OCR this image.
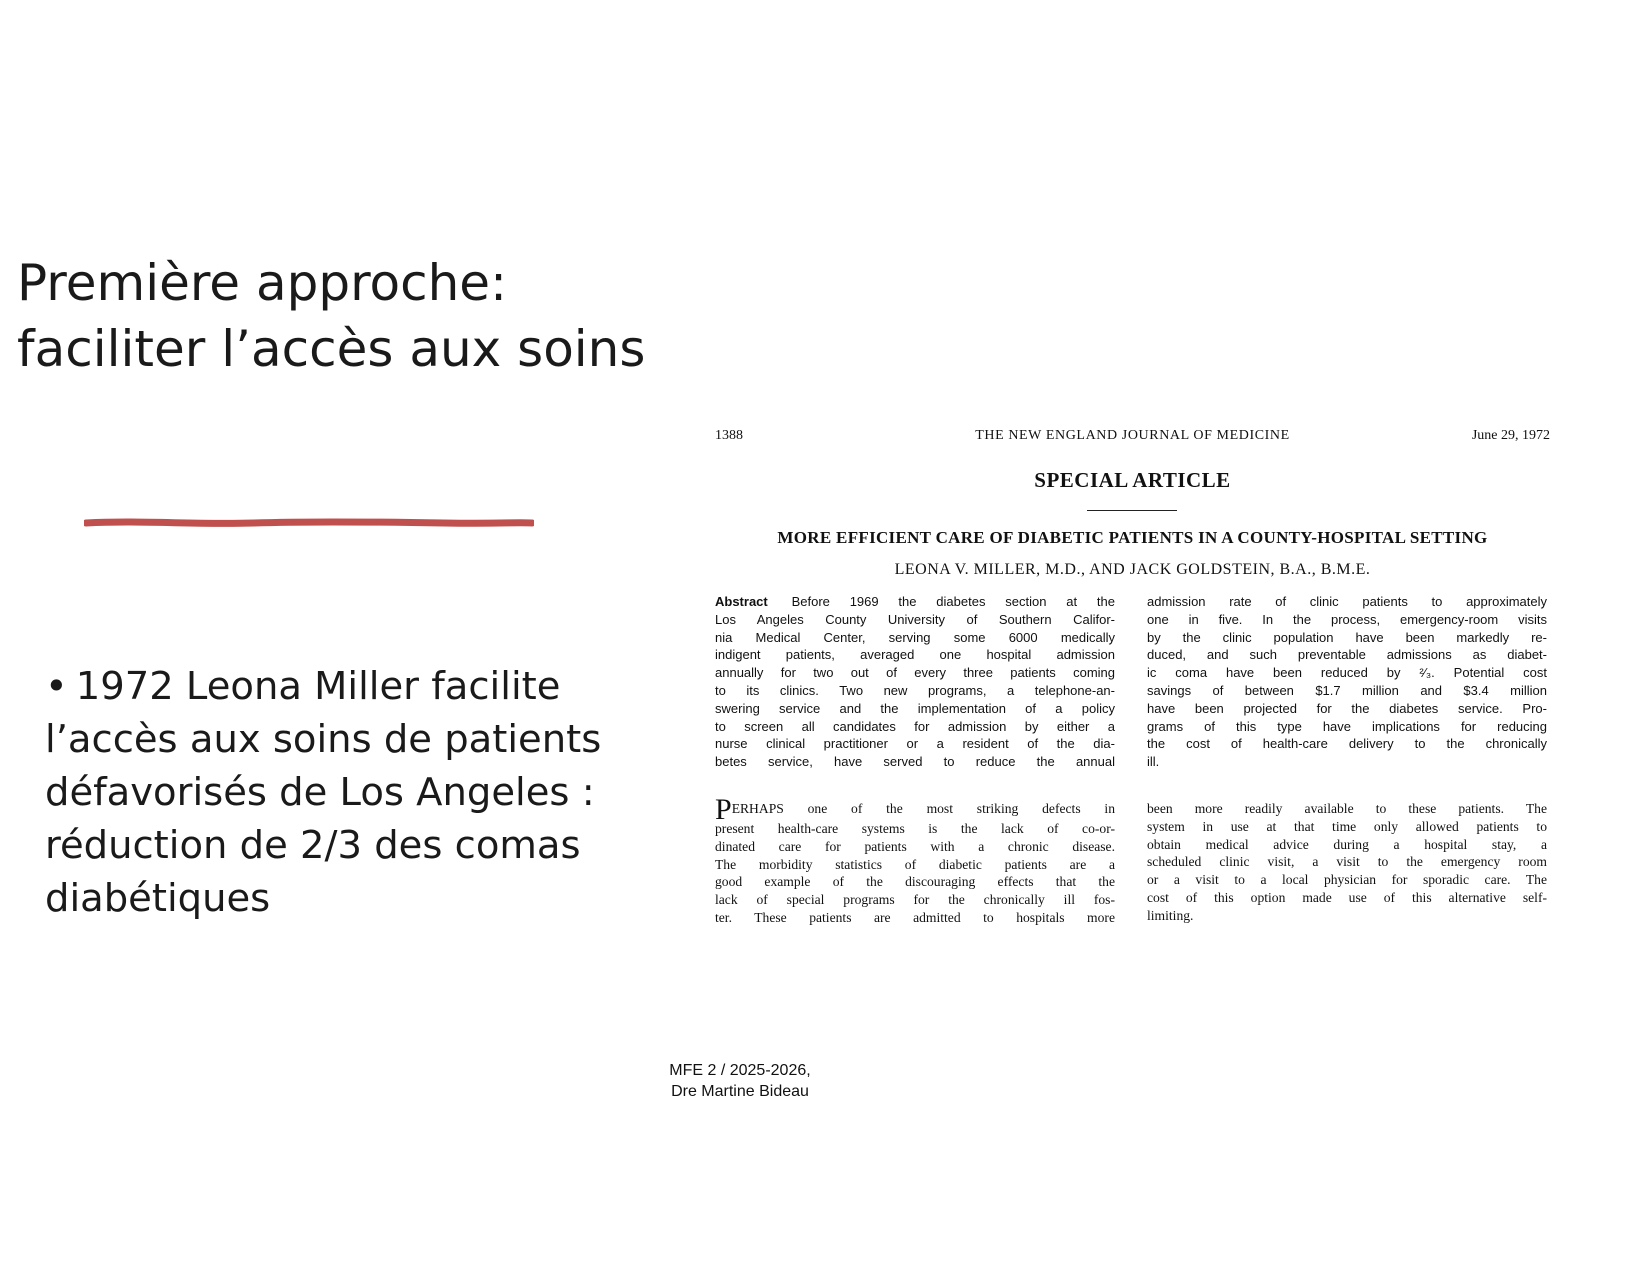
Première approche:
faciliter l’accès aux soins
• 1972 Leona Miller facilite
l’accès aux soins de patients
défavorisés de Los Angeles :
réduction de 2/3 des comas
diabétiques
THE NEW ENGLAND JOURNAL OF MEDICINE
1388	June 29, 1972
SPECIAL ARTICLE
MORE EFFICIENT CARE OF DIABETIC PATIENTS IN A COUNTY-HOSPITAL SETTING
LEONA V. MILLER, M.D., AND JACK GOLDSTEIN, B.A., B.M.E.
Abstract Before 1969 the diabetes section at the
Los Angeles County University of Southern Califor-
nia Medical Center, serving some 6000 medically
indigent patients, averaged one hospital admission
annually for two out of every three patients coming
to its clinics. Two new programs, a telephone-an-
swering service and the implementation of a policy
to screen all candidates for admission by either a
nurse clinical practitioner or a resident of the dia-
betes service, have served to reduce the annual
admission rate of clinic patients to approximately
one in five. In the process, emergency-room visits
by the clinic population have been markedly re-
duced, and such preventable admissions as diabet-
ic coma have been reduced by ²⁄₃. Potential cost
savings of between $1.7 million and $3.4 million
have been projected for the diabetes service. Pro-
grams of this type have implications for reducing
the cost of health-care delivery to the chronically
ill.
PERHAPS one of the most striking defects in
present health-care systems is the lack of co-or-
dinated care for patients with a chronic disease.
The morbidity statistics of diabetic patients are a
good example of the discouraging effects that the
lack of special programs for the chronically ill fos-
ter. These patients are admitted to hospitals more
been more readily available to these patients. The
system in use at that time only allowed patients to
obtain medical advice during a hospital stay, a
scheduled clinic visit, a visit to the emergency room
or a visit to a local physician for sporadic care. The
cost of this option made use of this alternative self-
limiting.
MFE 2 / 2025-2026,
Dre Martine Bideau
